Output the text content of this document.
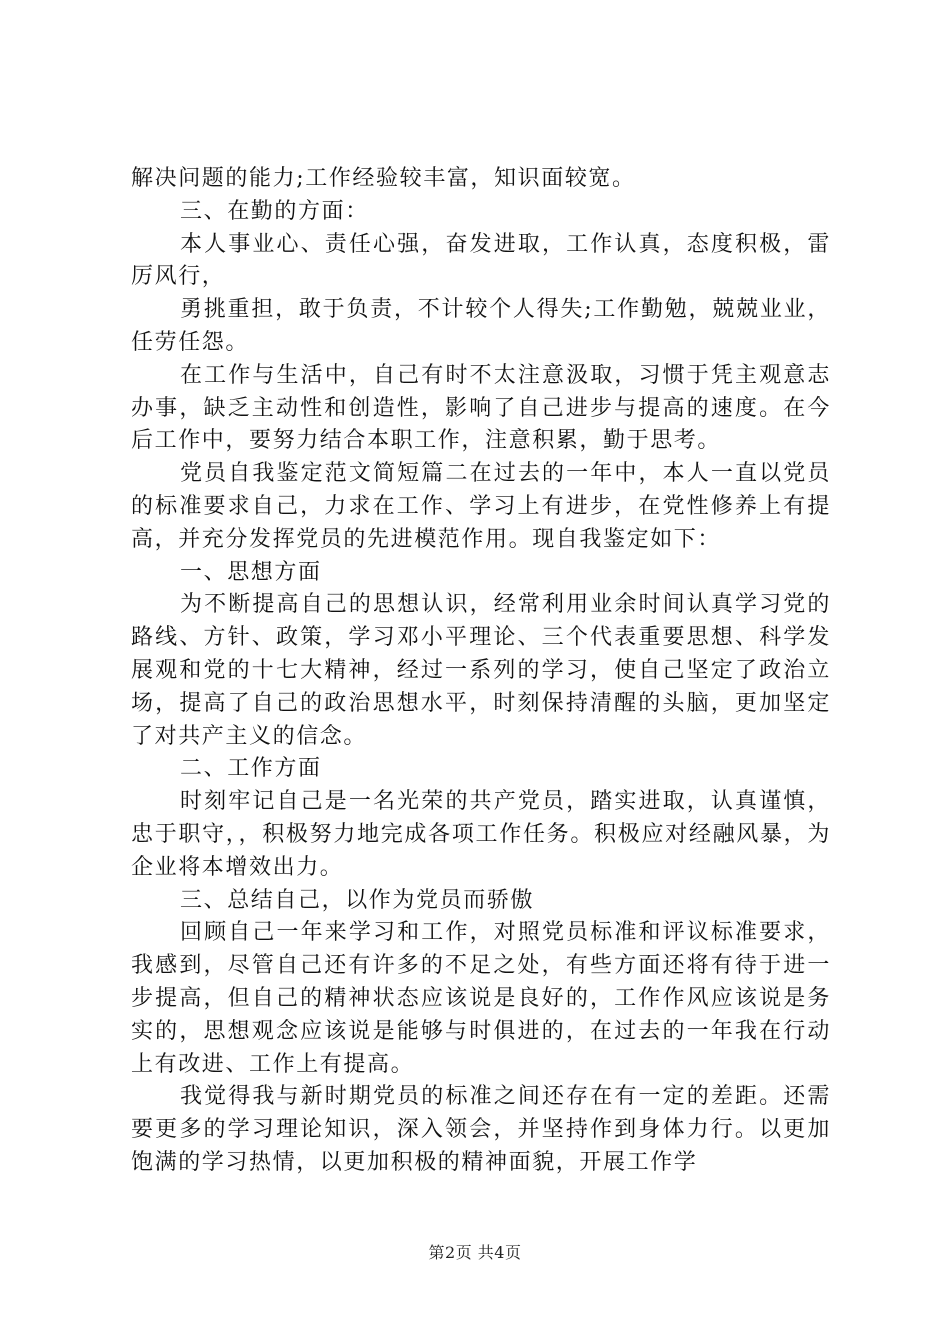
解决问题的能力;工作经验较丰富，知识面较宽。

三、在勤的方面：

本人事业心、责任心强，奋发进取，工作认真，态度积极，雷厉风行，

勇挑重担，敢于负责，不计较个人得失;工作勤勉，兢兢业业，任劳任怨。

在工作与生活中，自己有时不太注意汲取，习惯于凭主观意志办事，缺乏主动性和创造性，影响了自己进步与提高的速度。在今后工作中，要努力结合本职工作，注意积累，勤于思考。

党员自我鉴定范文简短篇二在过去的一年中，本人一直以党员的标准要求自己，力求在工作、学习上有进步，在党性修养上有提高，并充分发挥党员的先进模范作用。现自我鉴定如下：

一、思想方面

为不断提高自己的思想认识，经常利用业余时间认真学习党的路线、方针、政策，学习邓小平理论、三个代表重要思想、科学发展观和党的十七大精神，经过一系列的学习，使自己坚定了政治立场，提高了自己的政治思想水平，时刻保持清醒的头脑，更加坚定了对共产主义的信念。

二、工作方面

时刻牢记自己是一名光荣的共产党员，踏实进取，认真谨慎，忠于职守，，积极努力地完成各项工作任务。积极应对经融风暴，为企业将本增效出力。

三、总结自己，以作为党员而骄傲

回顾自己一年来学习和工作，对照党员标准和评议标准要求，我感到，尽管自己还有许多的不足之处，有些方面还将有待于进一步提高，但自己的精神状态应该说是良好的，工作作风应该说是务实的，思想观念应该说是能够与时俱进的，在过去的一年我在行动上有改进、工作上有提高。

我觉得我与新时期党员的标准之间还存在有一定的差距。还需要更多的学习理论知识，深入领会，并坚持作到身体力行。以更加饱满的学习热情，以更加积极的精神面貌，开展工作学

第2页 共4页
